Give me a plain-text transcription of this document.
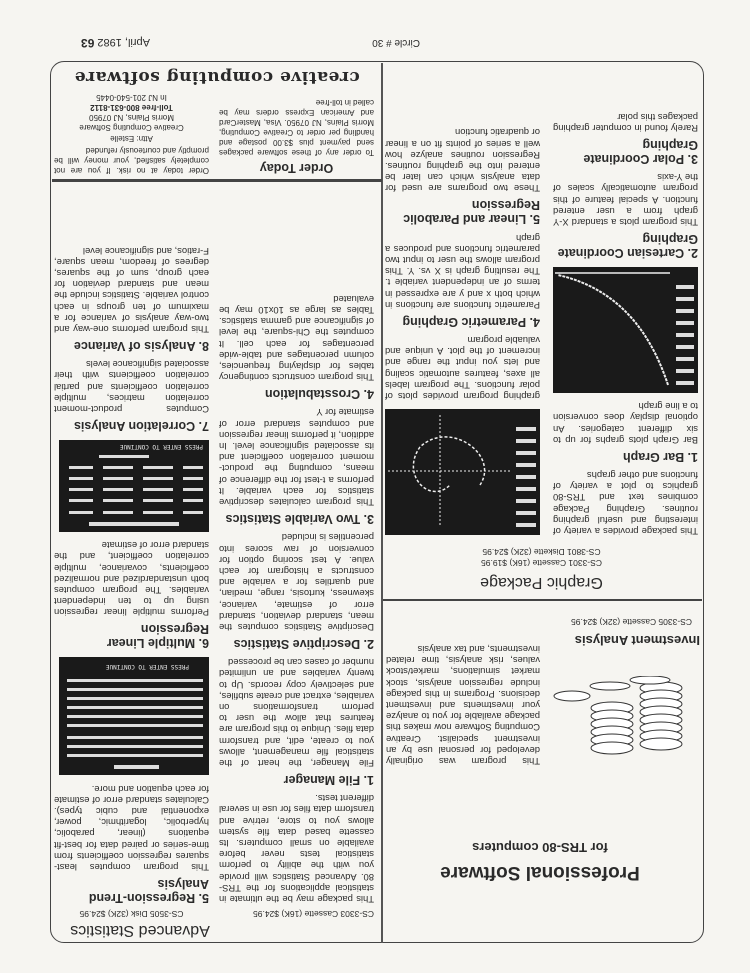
Professional Software
for TRS-80 computers
Investment Analysis
CS-3305 Cassette (32K) $24.95

This program was originally developed for personal use by an investment specialist. Creative Computing Software now makes this package available for you to analyze your investments and investment decisions. Programs in this package include regression analysis, stock market simulations, market/stock values, risk analysis, time related investments, and tax analysis

Graphic Package
CS-3301 Cassette (16K) $19.95
CS-3801 Diskette (32K) $24.95

This package provides a variety of interesting and useful graphing routines. Graphing Package combines text and TRS-80 graphics to plot a variety of functions and other graphs

1. Bar Graph

Bar Graph plots graphs for up to six different categories. An optional display does conversion to a line graph

2. Cartesian Coordinate Graphing

This program plots a standard X-Y graph from a user entered function. A special feature of this program automatically scales of the Y-axis

3. Polar Coordinate Graphing

Rarely found in computer graphing packages this polar

graphing program provides plots of polar functions. The program labels all axes, features automatic scaling and lets you input the range and increment of the plot. A unique and valuable program

4. Parametric Graphing

Parametric functions are functions in which both x and y are expressed in terms of an independent variable t. The resulting graph is X vs. Y. This program allows the user to input two parametric functions and produces a graph

5. Linear and Parabolic Regression

These two programs are used for data analysis which can later be entered into the graphing routines. Regression routines analyze how well a series of points fit on a linear or quadratic function

Advanced Statistics
CS-3303 Cassette (16K) $24.95

This package may be the ultimate in statistical applications for the TRS-80. Advanced Statistics will provide you with the ability to perform statistical tests never before available on small computers. Its cassette based data file system allows you to store, retrive and transform data files for use in several different tests.

1. File Manager

File Manager, the heart of the statistical file management, allows you to create, edit, and transform data files. Unique to this program are features that allow the user to perform transformations on variables, extract and create subfiles, and selectively copy records. Up to twenty variables and an unlimited number of cases can be processed

2. Descriptive Statistics

Descriptive Statistics computes the mean, standard deviation, standard error of estimate, variance, skewness, kurtosis, range, median, and quartiles for a variable and constructs a histogram for each value. A test scoring option for conversion of raw scores into percentiles is included

3. Two Variable Statistics

This program calculates descriptive statistics for each variable. It performs a t-test for the difference of means, computing the product-moment correlation coefficient and its associated significance level. In addition, it performs linear regression and computes standard error of estimate for Y

4. Crosstabulation

This program constructs contingency tables for displaying frequencies, column percentages and table-wide percentages for each cell. It computes the Chi-square, the level of significance and gamma statistics. Tables as large as 10x10 may be evaluated

CS-3505 Disk (32K) $24.95
5. Regression-Trend Analysis

This program computes least-squares regression coefficients from time-series or paired data for best-fit equations (linear, parabolic, hyperbolic, logarithmic, power, exponential and cubic types). Calculates standard error of estimate for each equation and more.

PRESS ENTER TO CONTINUE
6. Multiple Linear Regression

Performs multiple linear regression using up to ten independent variables. The program computes both unstandardized and normalized coefficients, covariance, multiple correlation coefficient, and the standard error of estimate

PRESS ENTER TO CONTINUE
7. Correlation Analysis

Computes product-moment correlation matrices, multiple correlation coefficients and partial correlation coefficients with their associated significance levels

8. Analysis of Variance

This program performs one-way and two-way analysis of variance for a maximum of ten groups in each control variable. Statistics include the mean and standard deviation for each group, sum of the squares, degrees of freedom, mean square, F-ratios, and significance level

Order Today

To order any of these software packages send payment plus $3.00 postage and handling per order to Creative Computing, Morris Plains, NJ 07950. Visa, MasterCard and American Express orders may be called in toll-free

Order today at no risk. If you are not completely satisfied, your money will be promptly and courteously refunded

Attn: Estelle
Creative Computing Software
Morris Plains, NJ 07950
Toll-free 800-631-8112
In NJ 201-540-0445
creative computing software
Circle # 30
April, 1982 63
